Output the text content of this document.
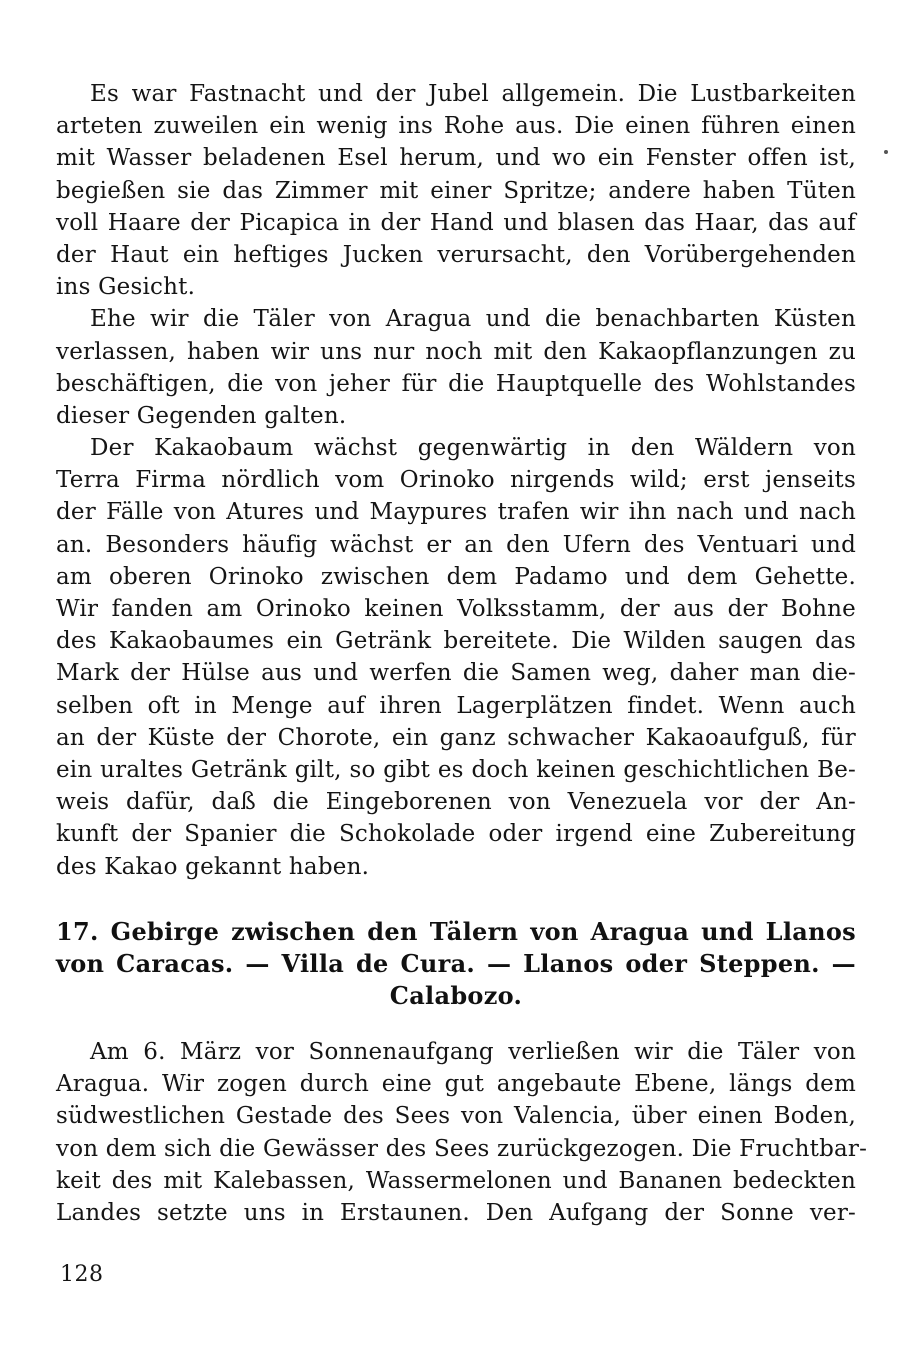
Es war Fastnacht und der Jubel allgemein. Die Lustbarkeiten
arteten zuweilen ein wenig ins Rohe aus. Die einen führen einen
mit Wasser beladenen Esel herum, und wo ein Fenster offen ist,
begießen sie das Zimmer mit einer Spritze; andere haben Tüten
voll Haare der Picapica in der Hand und blasen das Haar, das auf
der Haut ein heftiges Jucken verursacht, den Vorübergehenden
ins Gesicht.

Ehe wir die Täler von Aragua und die benachbarten Küsten
verlassen, haben wir uns nur noch mit den Kakaopflanzungen zu
beschäftigen, die von jeher für die Hauptquelle des Wohlstandes
dieser Gegenden galten.

Der Kakaobaum wächst gegenwärtig in den Wäldern von
Terra Firma nördlich vom Orinoko nirgends wild; erst jenseits
der Fälle von Atures und Maypures trafen wir ihn nach und nach
an. Besonders häufig wächst er an den Ufern des Ventuari und
am oberen Orinoko zwischen dem Padamo und dem Gehette.
Wir fanden am Orinoko keinen Volksstamm, der aus der Bohne
des Kakaobaumes ein Getränk bereitete. Die Wilden saugen das
Mark der Hülse aus und werfen die Samen weg, daher man die-
selben oft in Menge auf ihren Lagerplätzen findet. Wenn auch
an der Küste der Chorote, ein ganz schwacher Kakaoaufguß, für
ein uraltes Getränk gilt, so gibt es doch keinen geschichtlichen Be-
weis dafür, daß die Eingeborenen von Venezuela vor der An-
kunft der Spanier die Schokolade oder irgend eine Zubereitung
des Kakao gekannt haben.

17. Gebirge zwischen den Tälern von Aragua und Llanos
von Caracas. — Villa de Cura. — Llanos oder Steppen. —
Calabozo.

Am 6. März vor Sonnenaufgang verließen wir die Täler von
Aragua. Wir zogen durch eine gut angebaute Ebene, längs dem
südwestlichen Gestade des Sees von Valencia, über einen Boden,
von dem sich die Gewässer des Sees zurückgezogen. Die Fruchtbar-
keit des mit Kalebassen, Wassermelonen und Bananen bedeckten
Landes setzte uns in Erstaunen. Den Aufgang der Sonne ver-

128
